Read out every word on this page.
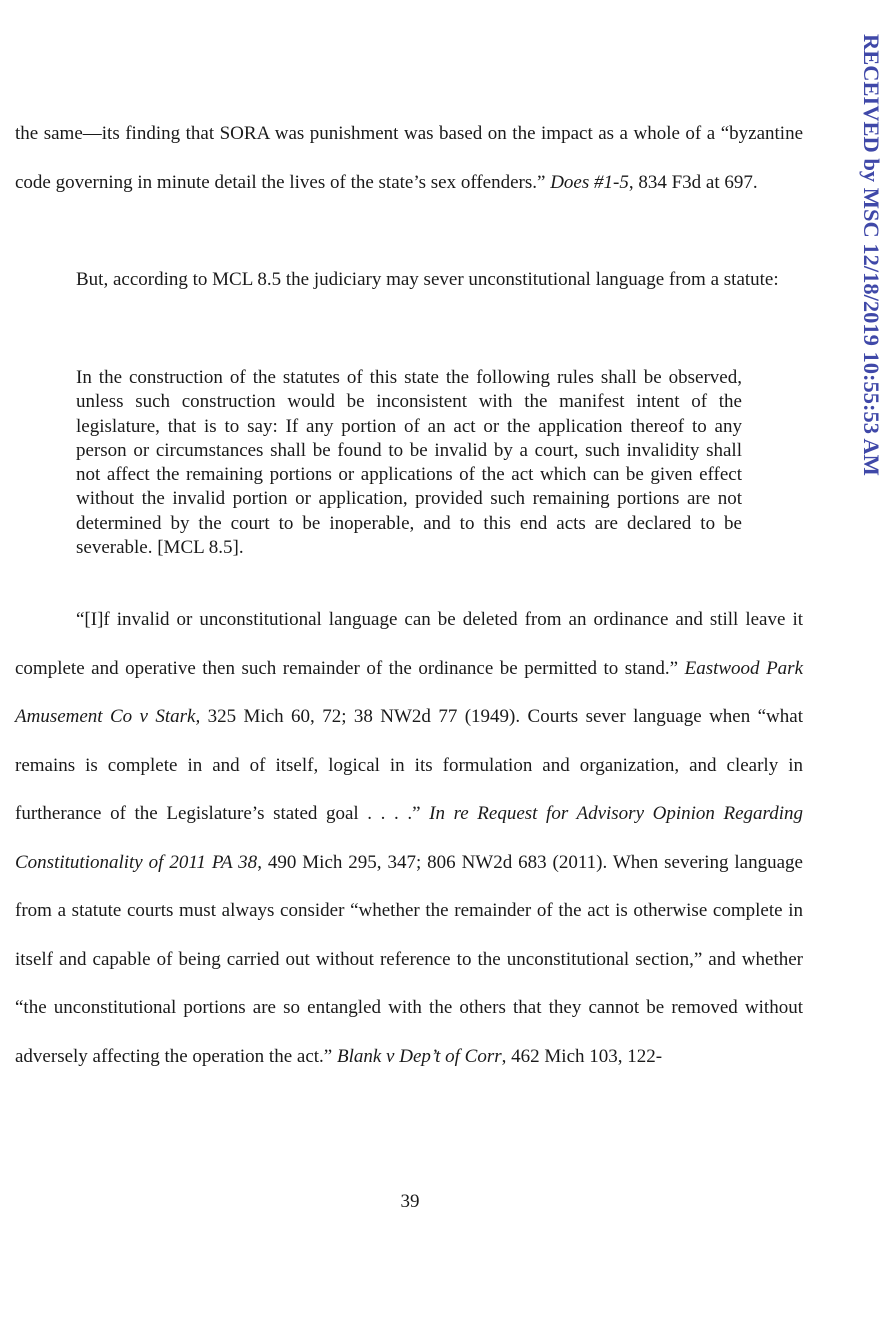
the same—its finding that SORA was punishment was based on the impact as a whole of a “byzantine code governing in minute detail the lives of the state’s sex offenders.” Does #1-5, 834 F3d at 697.

But, according to MCL 8.5 the judiciary may sever unconstitutional language from a statute:

In the construction of the statutes of this state the following rules shall be observed, unless such construction would be inconsistent with the manifest intent of the legislature, that is to say: If any portion of an act or the application thereof to any person or circumstances shall be found to be invalid by a court, such invalidity shall not affect the remaining portions or applications of the act which can be given effect without the invalid portion or application, provided such remaining portions are not determined by the court to be inoperable, and to this end acts are declared to be severable. [MCL 8.5].

“[I]f invalid or unconstitutional language can be deleted from an ordinance and still leave it complete and operative then such remainder of the ordinance be permitted to stand.” Eastwood Park Amusement Co v Stark, 325 Mich 60, 72; 38 NW2d 77 (1949). Courts sever language when “what remains is complete in and of itself, logical in its formulation and organization, and clearly in furtherance of the Legislature’s stated goal . . . .” In re Request for Advisory Opinion Regarding Constitutionality of 2011 PA 38, 490 Mich 295, 347; 806 NW2d 683 (2011). When severing language from a statute courts must always consider “whether the remainder of the act is otherwise complete in itself and capable of being carried out without reference to the unconstitutional section,” and whether “the unconstitutional portions are so entangled with the others that they cannot be removed without adversely affecting the operation the act.” Blank v Dep’t of Corr, 462 Mich 103, 122-

39
RECEIVED by MSC 12/18/2019 10:55:53 AM
